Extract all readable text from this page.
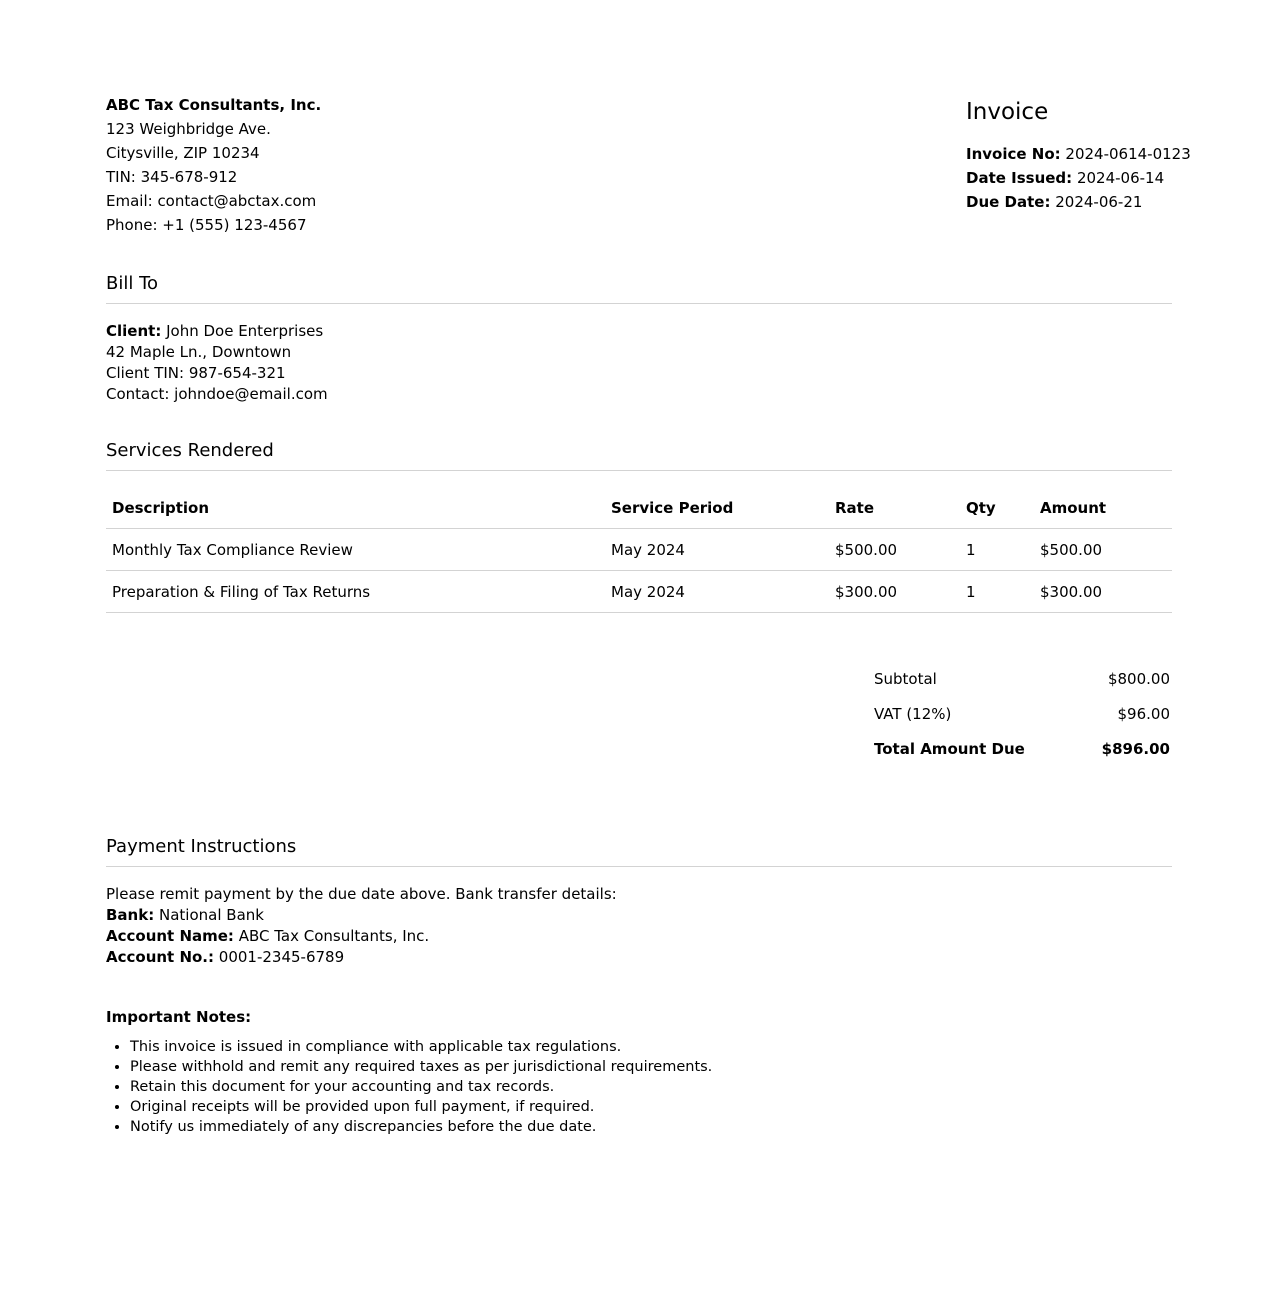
ABC Tax Consultants, Inc.
123 Weighbridge Ave.
Citysville, ZIP 10234
TIN: 345-678-912
Email: contact@abctax.com
Phone: +1 (555) 123-4567
Invoice
Invoice No: 2024-0614-0123
Date Issued: 2024-06-14
Due Date: 2024-06-21
Bill To
Client: John Doe Enterprises
42 Maple Ln., Downtown
Client TIN: 987-654-321
Contact: johndoe@email.com
Services Rendered
Description	Service Period	Rate	Qty	Amount
Monthly Tax Compliance Review	May 2024	$500.00	1	$500.00
Preparation & Filing of Tax Returns	May 2024	$300.00	1	$300.00
Subtotal	$800.00
VAT (12%)	$96.00
Total Amount Due	$896.00
Payment Instructions
Please remit payment by the due date above. Bank transfer details:
Bank: National Bank
Account Name: ABC Tax Consultants, Inc.
Account No.: 0001-2345-6789

Important Notes:

• This invoice is issued in compliance with applicable tax regulations.
• Please withhold and remit any required taxes as per jurisdictional requirements.
• Retain this document for your accounting and tax records.
• Original receipts will be provided upon full payment, if required.
• Notify us immediately of any discrepancies before the due date.
